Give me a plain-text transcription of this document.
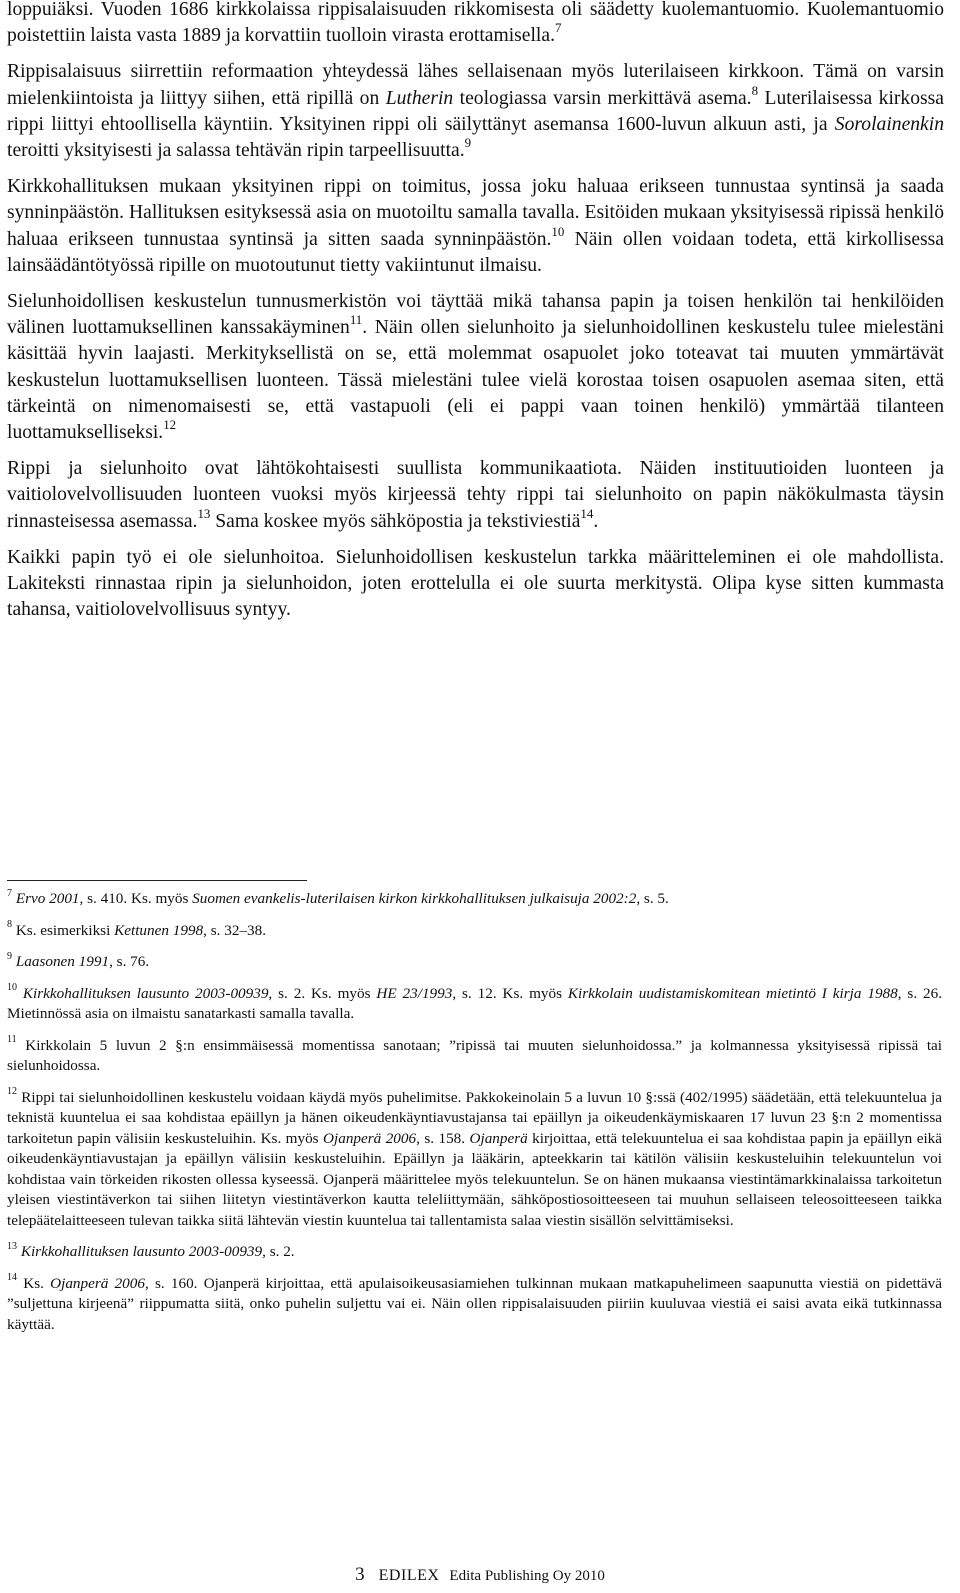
loppuiäksi. Vuoden 1686 kirkkolaissa rippisalaisuuden rikkomisesta oli säädetty kuolemantuomio. Kuolemantuomio poistettiin laista vasta 1889 ja korvattiin tuolloin virasta erottamisella.$^7$

Rippisalaisuus siirrettiin reformaation yhteydessä lähes sellaisenaan myös luterilaiseen kirkkoon. Tämä on varsin mielenkiintoista ja liittyy siihen, että ripillä on Lutherin teologiassa varsin merkittävä asema.$^8$ Luterilaisessa kirkossa rippi liittyi ehtoollisella käyntiin. Yksityinen rippi oli säilyttänyt asemansa 1600-luvun alkuun asti, ja Sorolainenkin teroitti yksityisesti ja salassa tehtävän ripin tarpeellisuutta.$^9$

Kirkkohallituksen mukaan yksityinen rippi on toimitus, jossa joku haluaa erikseen tunnustaa syntinsä ja saada synninpäästön. Hallituksen esityksessä asia on muotoiltu samalla tavalla. Esitöiden mukaan yksityisessä ripissä henkilö haluaa erikseen tunnustaa syntinsä ja sitten saada synninpäästön.$^{10}$ Näin ollen voidaan todeta, että kirkollisessa lainsäädäntötyössä ripille on muotoutunut tietty vakiintunut ilmaisu.

Sielunhoidollisen keskustelun tunnusmerkistön voi täyttää mikä tahansa papin ja toisen henkilön tai henkilöiden välinen luottamuksellinen kanssakäyminen$^{11}$. Näin ollen sielunhoito ja sielunhoidollinen keskustelu tulee mielestäni käsittää hyvin laajasti. Merkityksellistä on se, että molemmat osapuolet joko toteavat tai muuten ymmärtävät keskustelun luottamuksellisen luonteen. Tässä mielestäni tulee vielä korostaa toisen osapuolen asemaa siten, että tärkeintä on nimenomaisesti se, että vastapuoli (eli ei pappi vaan toinen henkilö) ymmärtää tilanteen luottamukselliseksi.$^{12}$

Rippi ja sielunhoito ovat lähtökohtaisesti suullista kommunikaatiota. Näiden instituutioiden luonteen ja vaitiolovelvollisuuden luonteen vuoksi myös kirjeessä tehty rippi tai sielunhoito on papin näkökulmasta täysin rinnasteisessa asemassa.$^{13}$ Sama koskee myös sähköpostia ja tekstiviestiä$^{14}$.

Kaikki papin työ ei ole sielunhoitoa. Sielunhoidollisen keskustelun tarkka määritteleminen ei ole mahdollista. Lakiteksti rinnastaa ripin ja sielunhoidon, joten erottelulla ei ole suurta merkitystä. Olipa kyse sitten kummasta tahansa, vaitiolovelvollisuus syntyy.

$^7$ Ervo 2001, s. 410. Ks. myös Suomen evankelis-luterilaisen kirkon kirkkohallituksen julkaisuja 2002:2, s. 5.

$^8$ Ks. esimerkiksi Kettunen 1998, s. 32–38.

$^9$ Laasonen 1991, s. 76.

$^{10}$ Kirkkohallituksen lausunto 2003-00939, s. 2. Ks. myös HE 23/1993, s. 12. Ks. myös Kirkkolain uudistamiskomitean mietintö I kirja 1988, s. 26. Mietinnössä asia on ilmaistu sanatarkasti samalla tavalla.

$^{11}$ Kirkkolain 5 luvun 2 §:n ensimmäisessä momentissa sanotaan; ”ripissä tai muuten sielunhoidossa.” ja kolmannessa yksityisessä ripissä tai sielunhoidossa.

$^{12}$ Rippi tai sielunhoidollinen keskustelu voidaan käydä myös puhelimitse. Pakkokeinolain 5 a luvun 10 §:ssä (402/1995) säädetään, että telekuuntelua ja teknistä kuuntelua ei saa kohdistaa epäillyn ja hänen oikeudenkäyntiavustajansa tai epäillyn ja oikeudenkäymiskaaren 17 luvun 23 §:n 2 momentissa tarkoitetun papin välisiin keskusteluihin. Ks. myös Ojanperä 2006, s. 158. Ojanperä kirjoittaa, että telekuuntelua ei saa kohdistaa papin ja epäillyn eikä oikeudenkäyntiavustajan ja epäillyn välisiin keskusteluihin. Epäillyn ja lääkärin, apteekkarin tai kätilön välisiin keskusteluihin telekuuntelun voi kohdistaa vain törkeiden rikosten ollessa kyseessä. Ojanperä määrittelee myös telekuuntelun. Se on hänen mukaansa viestintämarkkinalaissa tarkoitetun yleisen viestintäverkon tai siihen liitetyn viestintäverkon kautta teleliittymään, sähköpostiosoitteeseen tai muuhun sellaiseen teleosoitteeseen taikka telepäätelaitteeseen tulevan taikka siitä lähtevän viestin kuuntelua tai tallentamista salaa viestin sisällön selvittämiseksi.

$^{13}$ Kirkkohallituksen lausunto 2003-00939, s. 2.

$^{14}$ Ks. Ojanperä 2006, s. 160. Ojanperä kirjoittaa, että apulaisoikeusasiamiehen tulkinnan mukaan matkapuhelimeen saapunutta viestiä on pidettävä ”suljettuna kirjeenä” riippumatta siitä, onko puhelin suljettu vai ei. Näin ollen rippisalaisuuden piiriin kuuluvaa viestiä ei saisi avata eikä tutkinnassa käyttää.

3 EDILEX Edita Publishing Oy 2010
